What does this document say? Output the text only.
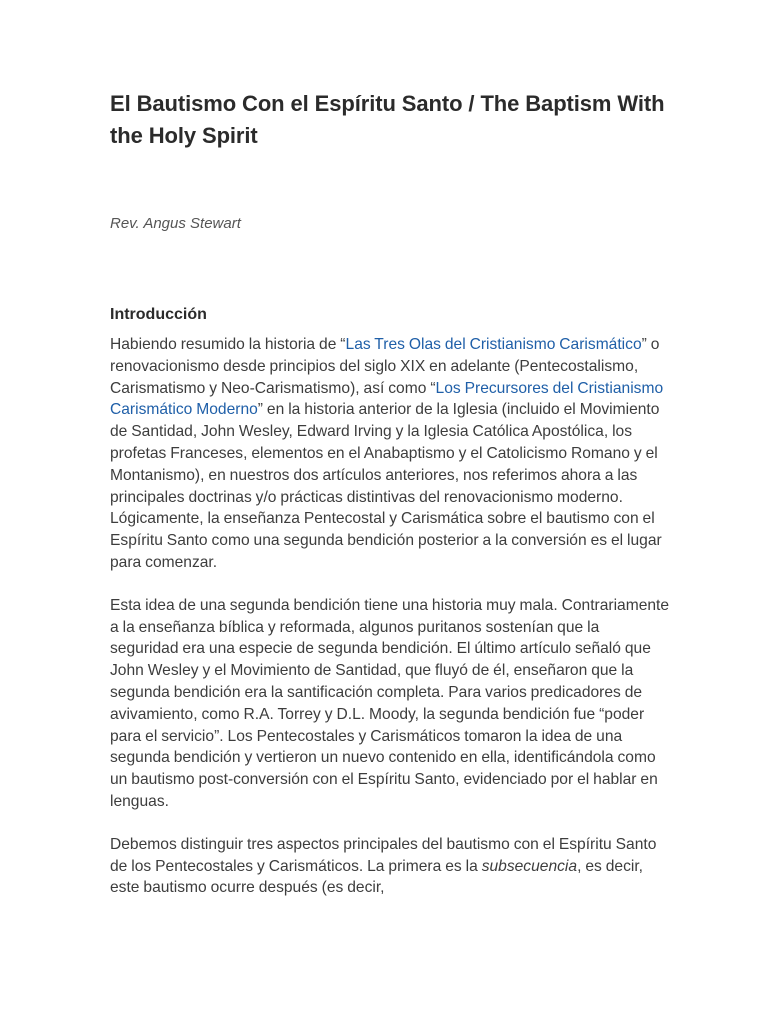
El Bautismo Con el Espíritu Santo / The Baptism With the Holy Spirit

Rev. Angus Stewart

Introducción

Habiendo resumido la historia de “Las Tres Olas del Cristianismo Carismático” o renovacionismo desde principios del siglo XIX en adelante (Pentecostalismo, Carismatismo y Neo-Carismatismo), así como “Los Precursores del Cristianismo Carismático Moderno” en la historia anterior de la Iglesia (incluido el Movimiento de Santidad, John Wesley, Edward Irving y la Iglesia Católica Apostólica, los profetas Franceses, elementos en el Anabaptismo y el Catolicismo Romano y el Montanismo), en nuestros dos artículos anteriores, nos referimos ahora a las principales doctrinas y/o prácticas distintivas del renovacionismo moderno. Lógicamente, la enseñanza Pentecostal y Carismática sobre el bautismo con el Espíritu Santo como una segunda bendición posterior a la conversión es el lugar para comenzar.

Esta idea de una segunda bendición tiene una historia muy mala. Contrariamente a la enseñanza bíblica y reformada, algunos puritanos sostenían que la seguridad era una especie de segunda bendición. El último artículo señaló que John Wesley y el Movimiento de Santidad, que fluyó de él, enseñaron que la segunda bendición era la santificación completa. Para varios predicadores de avivamiento, como R.A. Torrey y D.L. Moody, la segunda bendición fue “poder para el servicio”. Los Pentecostales y Carismáticos tomaron la idea de una segunda bendición y vertieron un nuevo contenido en ella, identificándola como un bautismo post-conversión con el Espíritu Santo, evidenciado por el hablar en lenguas.

Debemos distinguir tres aspectos principales del bautismo con el Espíritu Santo de los Pentecostales y Carismáticos. La primera es la subsecuencia, es decir, este bautismo ocurre después (es decir,
